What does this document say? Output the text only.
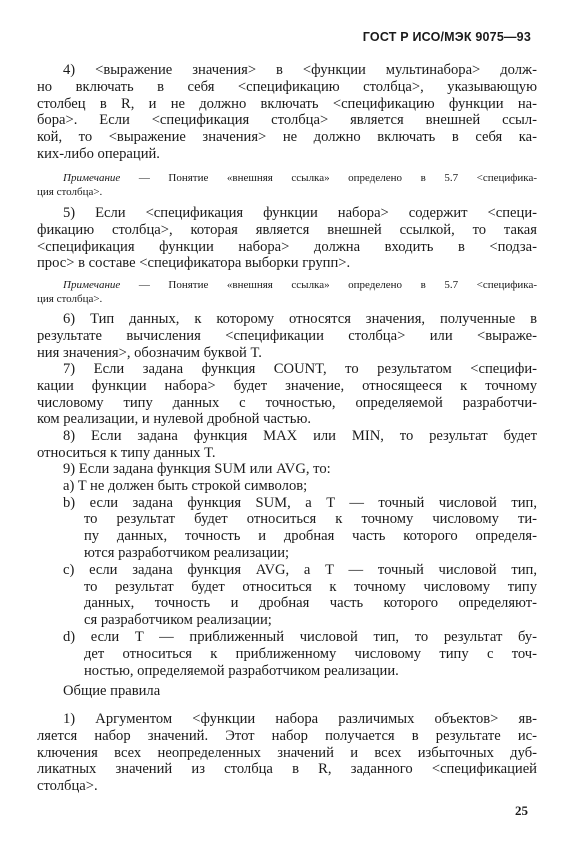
ГОСТ Р ИСО/МЭК 9075—93
4) <выражение значения> в <функции мультинабора> долж-
но включать в себя <спецификацию столбца>, указывающую
столбец в R, и не должно включать <спецификацию функции на-
бора>. Если <спецификация столбца> является внешней ссыл-
кой, то <выражение значения> не должно включать в себя ка-
ких-либо операций.
Примечание — Понятие «внешняя ссылка» определено в 5.7 <специфика-
ция столбца>.
5) Если <спецификация функции набора> содержит <специ-
фикацию столбца>, которая является внешней ссылкой, то такая
<спецификация функции набора> должна входить в <подза-
прос> в составе <спецификатора выборки групп>.
Примечание — Понятие «внешняя ссылка» определено в 5.7 <специфика-
ция столбца>.
6) Тип данных, к которому относятся значения, полученные в
результате вычисления <спецификации столбца> или <выраже-
ния значения>, обозначим буквой T.
7) Если задана функция COUNT, то результатом <специфи-
кации функции набора> будет значение, относящееся к точному
числовому типу данных с точностью, определяемой разработчи-
ком реализации, и нулевой дробной частью.
8) Если задана функция MAX или MIN, то результат будет
относиться к типу данных T.
9) Если задана функция SUM или AVG, то:
a) T не должен быть строкой символов;
b) если задана функция SUM, а T — точный числовой тип,
то результат будет относиться к точному числовому ти-
пу данных, точность и дробная часть которого определя-
ются разработчиком реализации;
c) если задана функция AVG, а T — точный числовой тип,
то результат будет относиться к точному числовому типу
данных, точность и дробная часть которого определяют-
ся разработчиком реализации;
d) если T — приближенный числовой тип, то результат бу-
дет относиться к приближенному числовому типу с точ-
ностью, определяемой разработчиком реализации.
Общие правила
1) Аргументом <функции набора различимых объектов> яв-
ляется набор значений. Этот набор получается в результате ис-
ключения всех неопределенных значений и всех избыточных дуб-
ликатных значений из столбца в R, заданного <спецификацией
столбца>.
25
